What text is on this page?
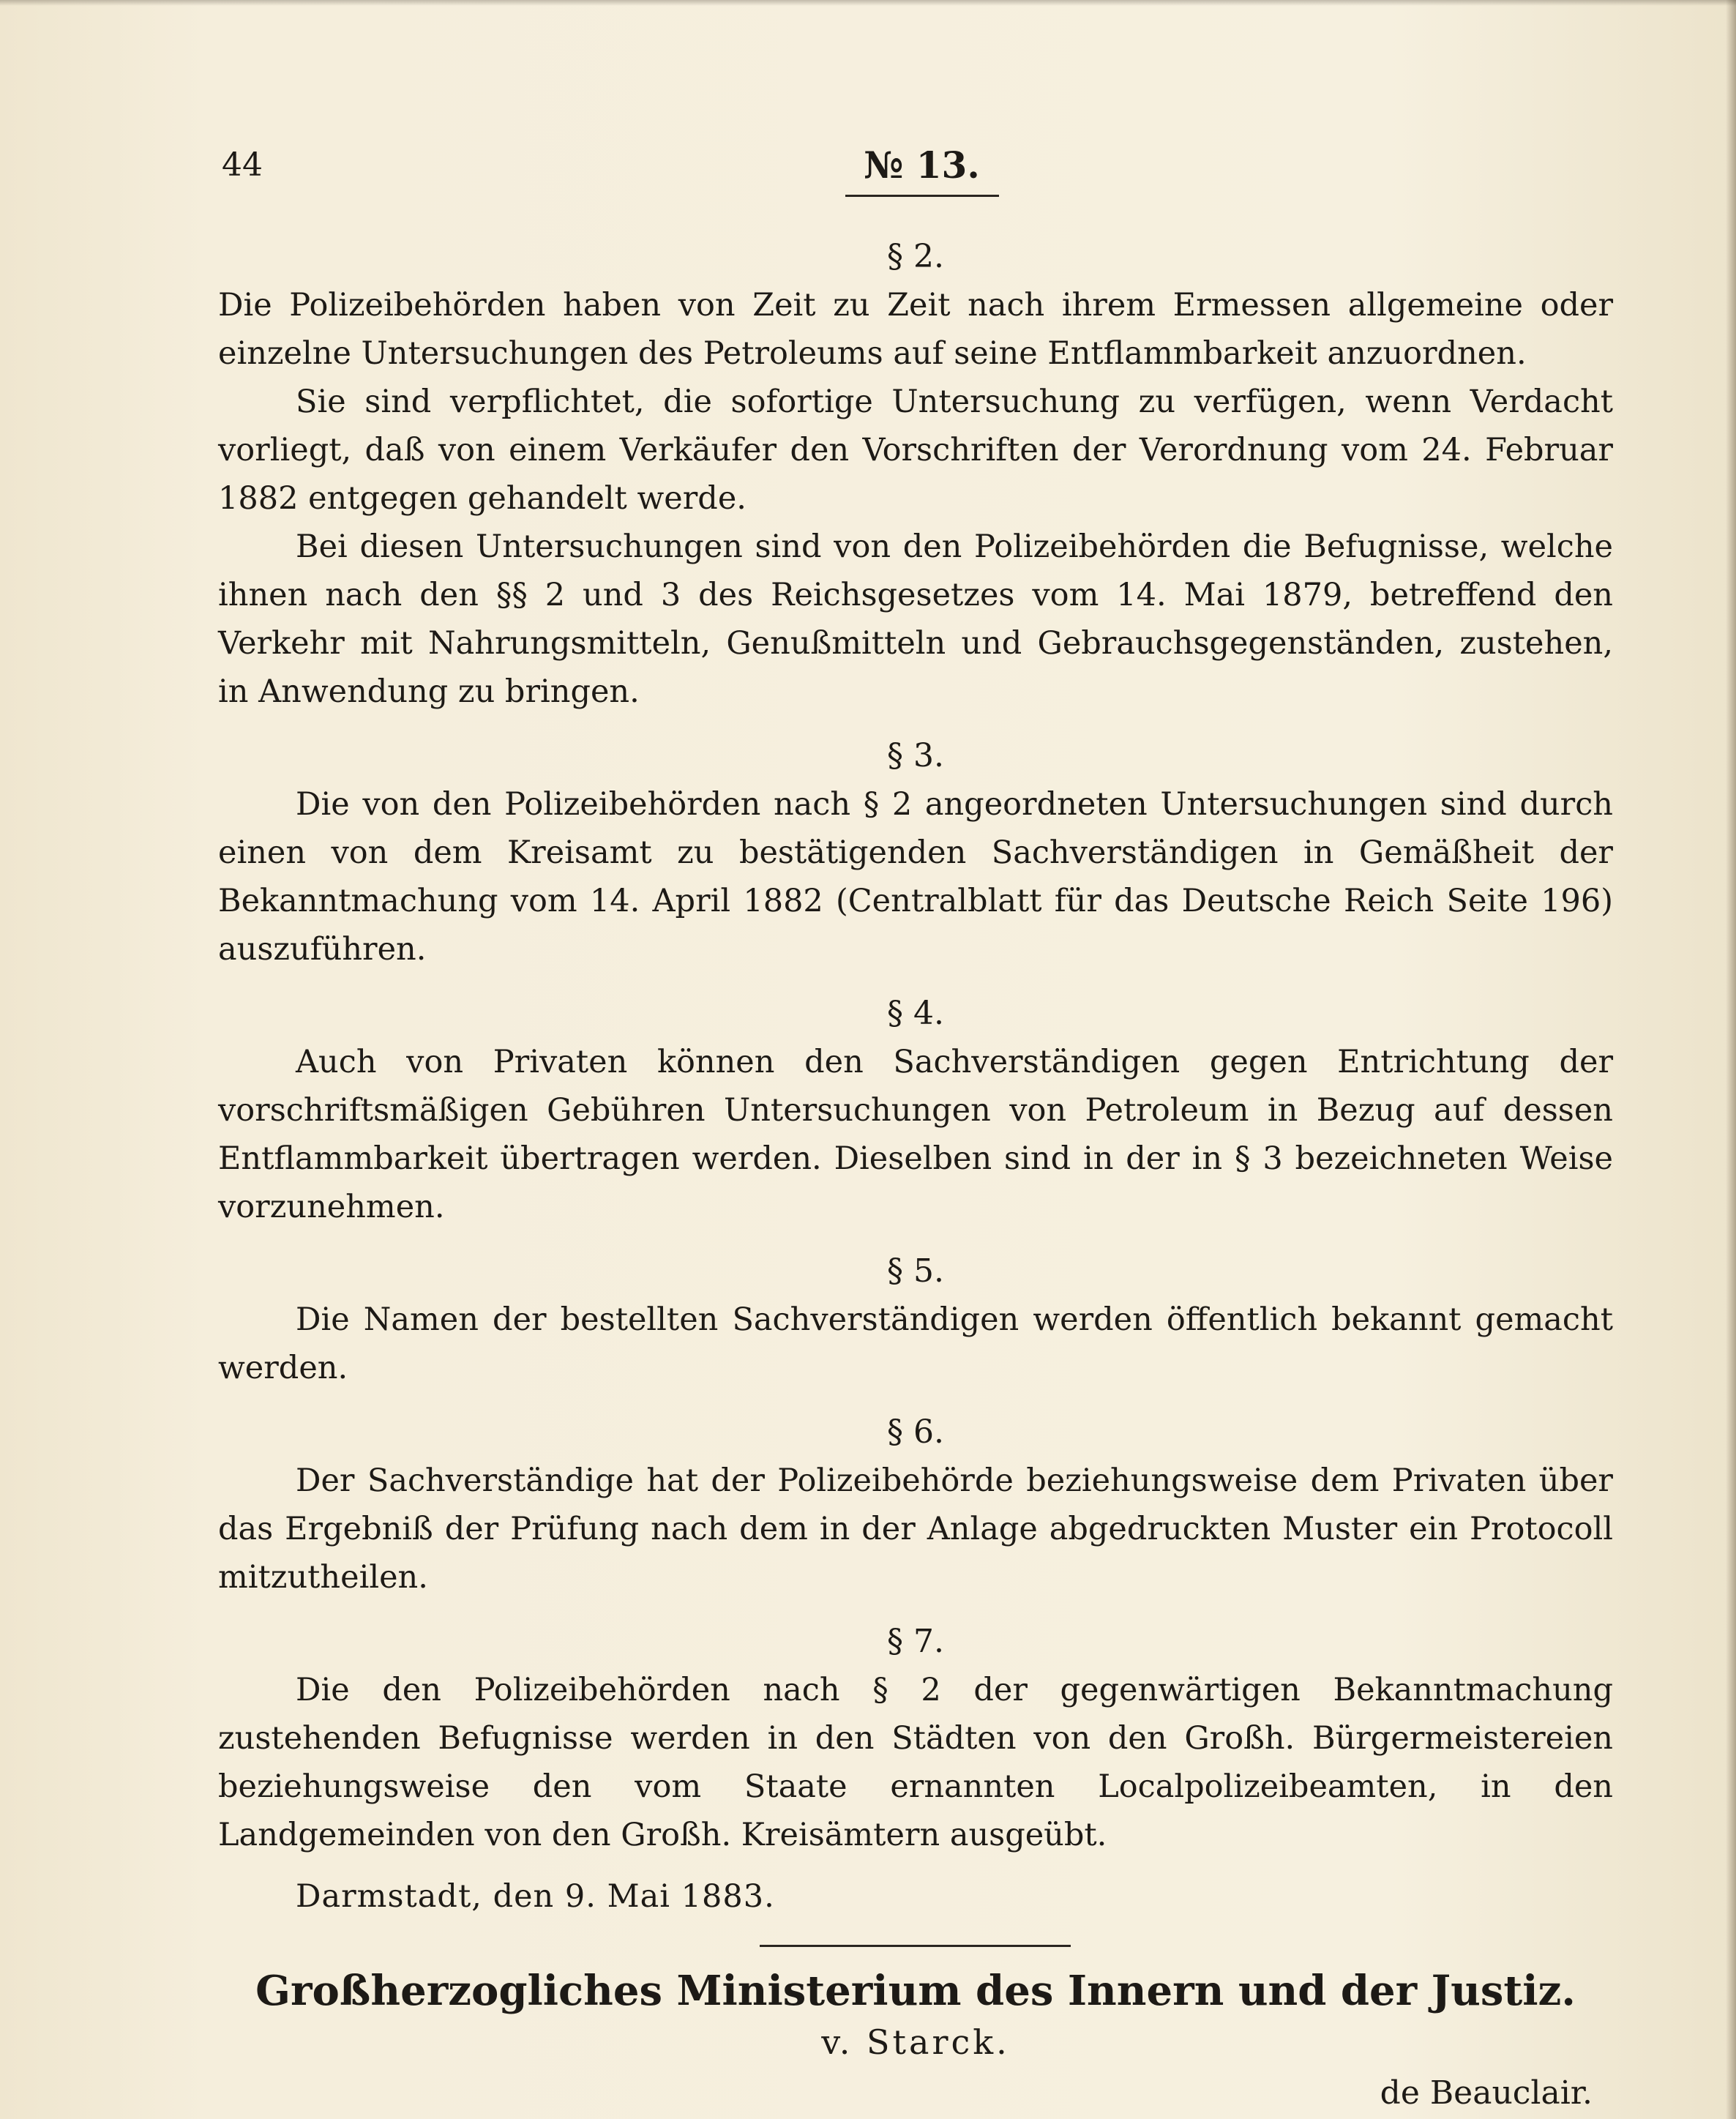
44	№ 13.

§ 2.

Die Polizeibehörden haben von Zeit zu Zeit nach ihrem Ermessen allgemeine oder einzelne Untersuchungen des Petroleums auf seine Entflammbarkeit anzuordnen.

Sie sind verpflichtet, die sofortige Untersuchung zu verfügen, wenn Verdacht vorliegt, daß von einem Verkäufer den Vorschriften der Verordnung vom 24. Februar 1882 entgegen gehandelt werde.

Bei diesen Untersuchungen sind von den Polizeibehörden die Befugnisse, welche ihnen nach den §§ 2 und 3 des Reichsgesetzes vom 14. Mai 1879, betreffend den Verkehr mit Nahrungsmitteln, Genußmitteln und Gebrauchsgegenständen, zustehen, in Anwendung zu bringen.

§ 3.

Die von den Polizeibehörden nach § 2 angeordneten Untersuchungen sind durch einen von dem Kreisamt zu bestätigenden Sachverständigen in Gemäßheit der Bekanntmachung vom 14. April 1882 (Centralblatt für das Deutsche Reich Seite 196) auszuführen.

§ 4.

Auch von Privaten können den Sachverständigen gegen Entrichtung der vorschriftsmäßigen Gebühren Untersuchungen von Petroleum in Bezug auf dessen Entflammbarkeit übertragen werden. Dieselben sind in der in § 3 bezeichneten Weise vorzunehmen.

§ 5.

Die Namen der bestellten Sachverständigen werden öffentlich bekannt gemacht werden.

§ 6.

Der Sachverständige hat der Polizeibehörde beziehungsweise dem Privaten über das Ergebniß der Prüfung nach dem in der Anlage abgedruckten Muster ein Protocoll mitzutheilen.

§ 7.

Die den Polizeibehörden nach § 2 der gegenwärtigen Bekanntmachung zustehenden Befugnisse werden in den Städten von den Großh. Bürgermeistereien beziehungsweise den vom Staate ernannten Localpolizeibeamten, in den Landgemeinden von den Großh. Kreisämtern ausgeübt.

Darmstadt, den 9. Mai 1883.

Großherzogliches Ministerium des Innern und der Justiz.

v. Starck.

de Beauclair.
